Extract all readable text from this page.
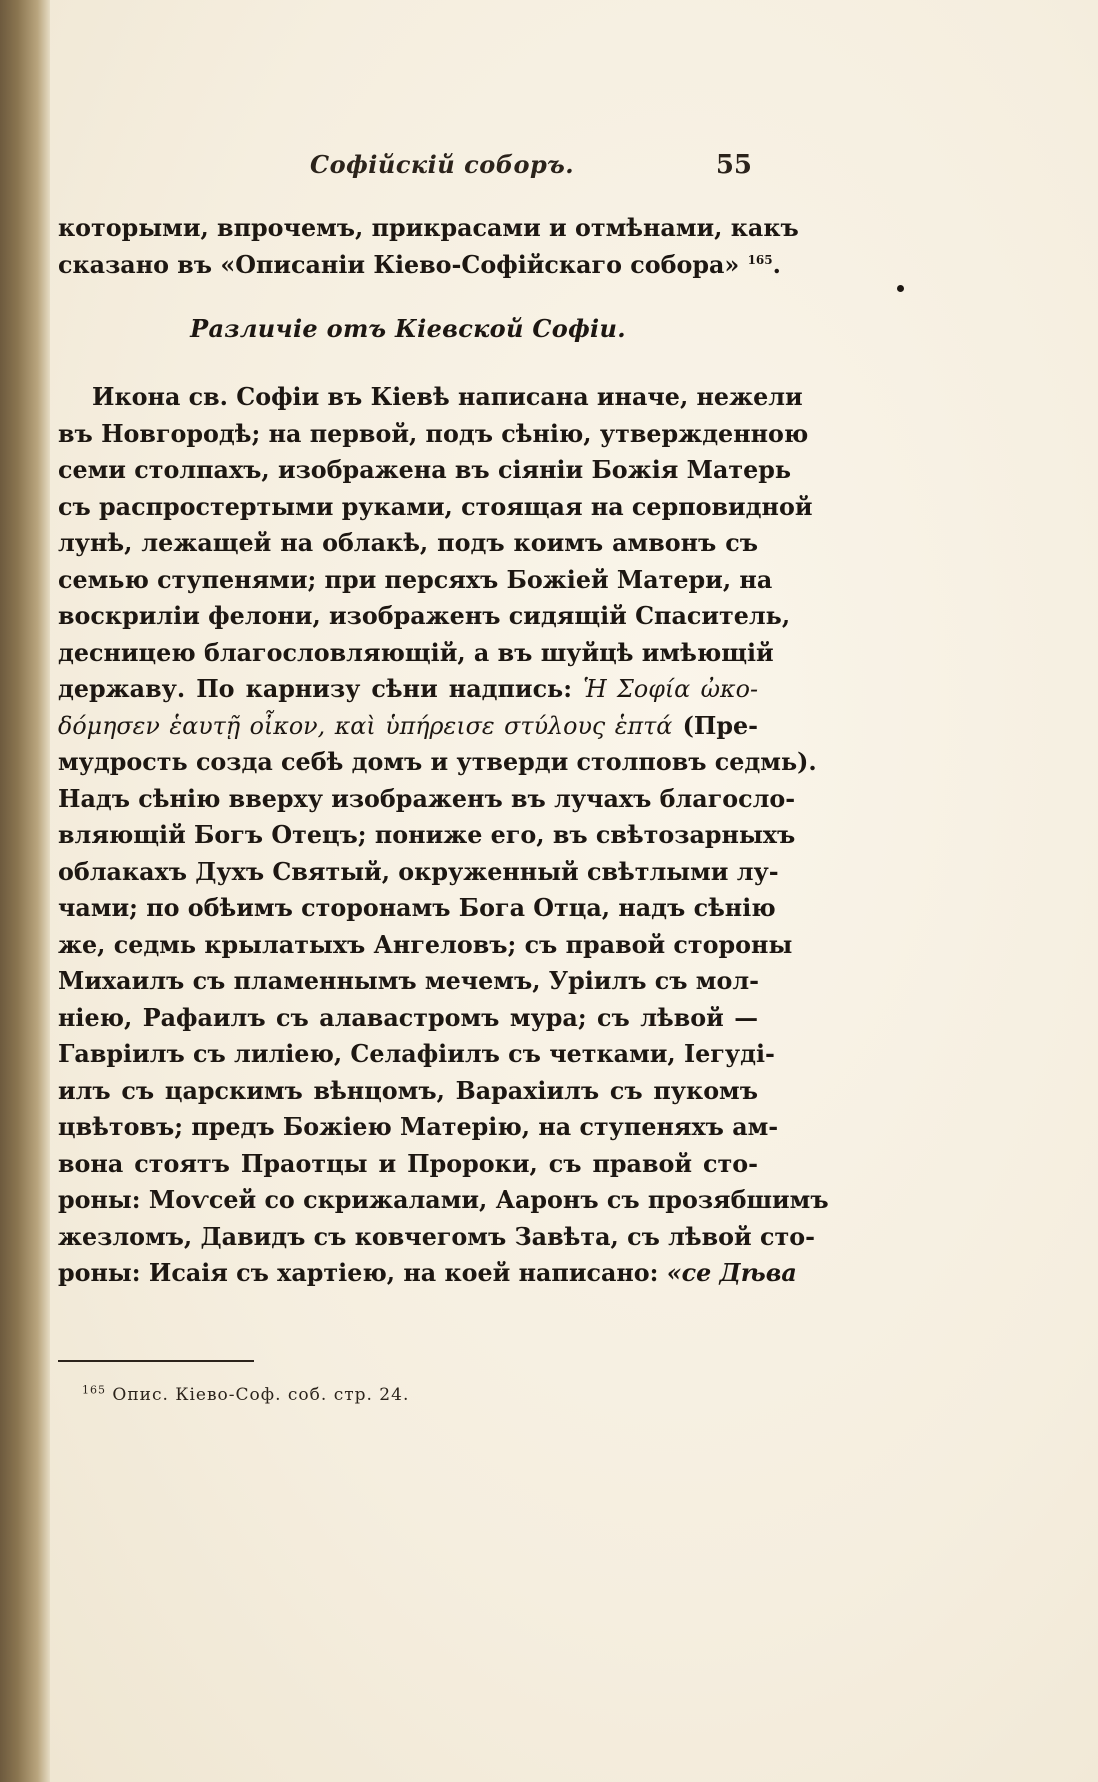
Софійскій соборъ.	55
которыми, впрочемъ, прикрасами и отмѣнами, какъ
сказано въ «Описаніи Кіево-Софійскаго собора» $^{165}$.
Различіе отъ Кіевской Софіи.
Икона св. Софіи въ Кіевѣ написана иначе, нежели
въ Новгородѣ; на первой, подъ сѣнію, утвержденною
семи столпахъ, изображена въ сіяніи Божія Матерь
съ распростертыми руками, стоящая на серповидной
лунѣ, лежащей на облакѣ, подъ коимъ амвонъ съ
семью ступенями; при персяхъ Божіей Матери, на
воскриліи фелони, изображенъ сидящій Спаситель,
десницею благословляющій, а въ шуйцѣ имѣющій
державу. По карнизу сѣни надпись: Ἡ Σοφία ὠκο-
δόμησεν ἑαυτῇ οἶκον, καὶ ὑπήρεισε στύλους ἑπτά (Пре-
мудрость созда себѣ домъ и утверди столповъ седмь).
Надъ сѣнію вверху изображенъ въ лучахъ благосло-
вляющій Богъ Отецъ; пониже его, въ свѣтозарныхъ
облакахъ Духъ Святый, окруженный свѣтлыми лу-
чами; по обѣимъ сторонамъ Бога Отца, надъ сѣнію
же, седмь крылатыхъ Ангеловъ; съ правой стороны
Михаилъ съ пламеннымъ мечемъ, Уріилъ съ мол-
ніею, Рафаилъ съ алавастромъ мура; съ лѣвой —
Гавріилъ съ лиліею, Селафіилъ съ четками, Іегуді-
илъ съ царскимъ вѣнцомъ, Варахіилъ съ пукомъ
цвѣтовъ; предъ Божіею Матерію, на ступеняхъ ам-
вона стоятъ Праотцы и Пророки, съ правой сто-
роны: Моѵсей со скрижалами, Ааронъ съ прозябшимъ
жезломъ, Давидъ съ ковчегомъ Завѣта, съ лѣвой сто-
роны: Исаія съ хартіею, на коей написано: «се Дѣва
$^{165}$ Опис. Кіево-Соф. соб. стр. 24.
